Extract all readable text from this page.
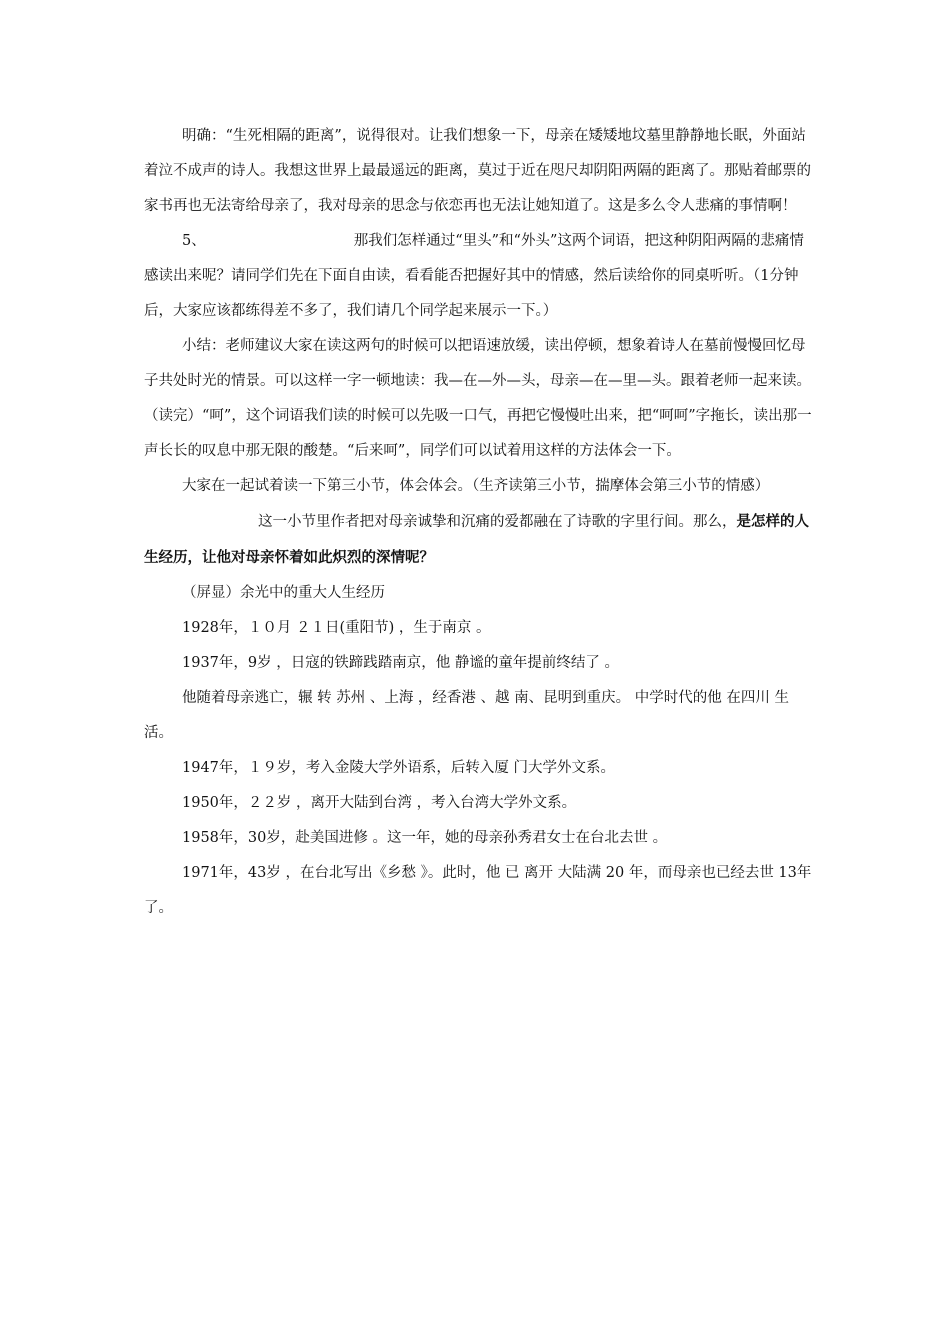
明确：“生死相隔的距离”，说得很对。让我们想象一下，母亲在矮矮地坟墓里静静地长眠，外面站着泣不成声的诗人。我想这世界上最最遥远的距离，莫过于近在咫尺却阴阳两隔的距离了。那贴着邮票的家书再也无法寄给母亲了，我对母亲的思念与依恋再也无法让她知道了。这是多么令人悲痛的事情啊！

5、	那我们怎样通过“里头”和“外头”这两个词语，把这种阴阳两隔的悲痛情感读出来呢？请同学们先在下面自由读，看看能否把握好其中的情感，然后读给你的同桌听听。（1分钟后，大家应该都练得差不多了，我们请几个同学起来展示一下。）

小结：老师建议大家在读这两句的时候可以把语速放缓，读出停顿，想象着诗人在墓前慢慢回忆母子共处时光的情景。可以这样一字一顿地读：我—在—外—头，母亲—在—里—头。跟着老师一起来读。（读完）“呵”，这个词语我们读的时候可以先吸一口气，再把它慢慢吐出来，把“呵呵”字拖长，读出那一声长长的叹息中那无限的酸楚。“后来呵”，同学们可以试着用这样的方法体会一下。

大家在一起试着读一下第三小节，体会体会。（生齐读第三小节，揣摩体会第三小节的情感）

这一小节里作者把对母亲诚挚和沉痛的爱都融在了诗歌的字里行间。那么，是怎样的人生经历，让他对母亲怀着如此炽烈的深情呢？

（屏显）余光中的重大人生经历

1928年，１０月 ２１日(重阳节) ，生于南京 。

1937年，9岁 ，日寇的铁蹄践踏南京，他 静谧的童年提前终结了 。

他随着母亲逃亡，辗 转 苏州 、上海 ，经香港 、越 南、昆明到重庆。 中学时代的他 在四川 生活。

1947年，１９岁，考入金陵大学外语系，后转入厦 门大学外文系。

1950年，２２岁 ，离开大陆到台湾 ，考入台湾大学外文系。

1958年，30岁，赴美国进修 。这一年，她的母亲孙秀君女士在台北去世 。

1971年，43岁 ，在台北写出《乡愁 》。此时，他 已 离开 大陆满 20 年，而母亲也已经去世 13年了。
